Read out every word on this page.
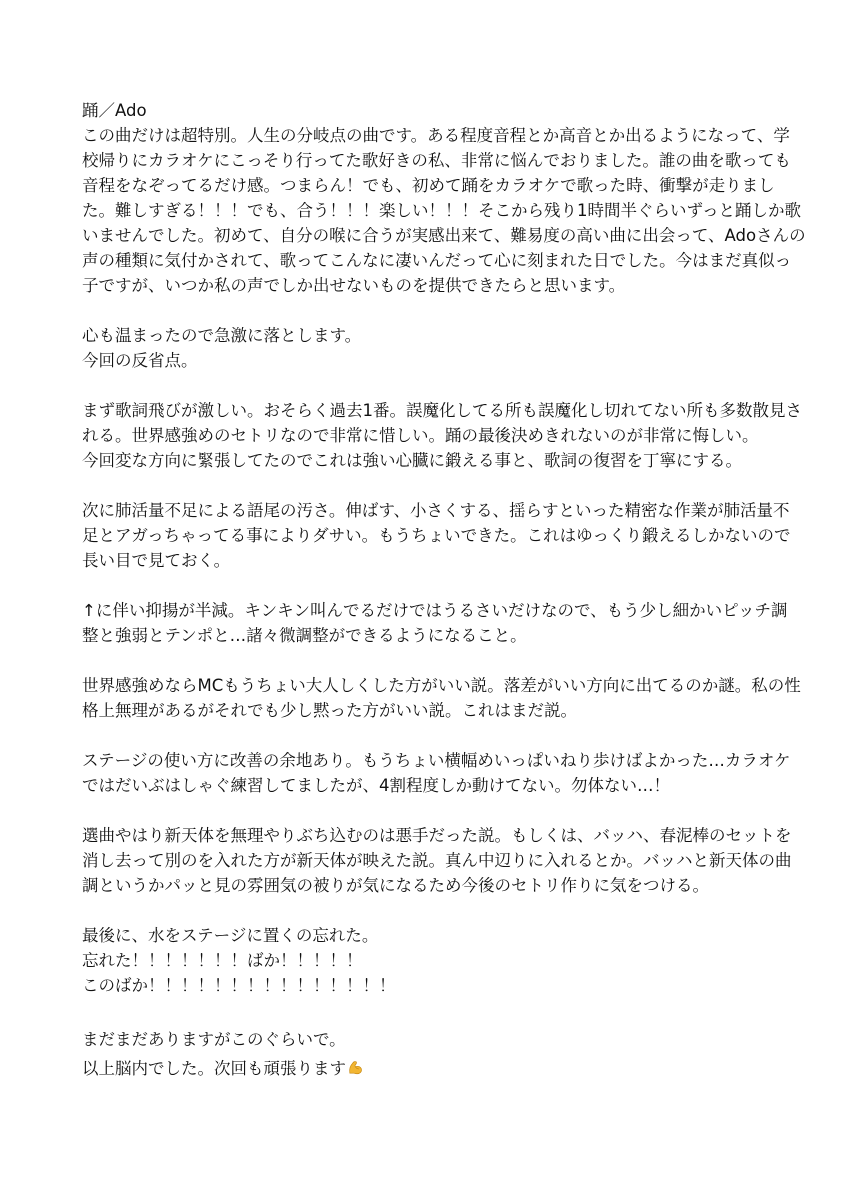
踊／Ado
この曲だけは超特別。人生の分岐点の曲です。ある程度音程とか高音とか出るようになって、学
校帰りにカラオケにこっそり行ってた歌好きの私、非常に悩んでおりました。誰の曲を歌っても
音程をなぞってるだけ感。つまらん！でも、初めて踊をカラオケで歌った時、衝撃が走りまし
た。難しすぎる！！！でも、合う！！！楽しい！！！そこから残り1時間半ぐらいずっと踊しか歌
いませんでした。初めて、自分の喉に合うが実感出来て、難易度の高い曲に出会って、Adoさんの
声の種類に気付かされて、歌ってこんなに凄いんだって心に刻まれた日でした。今はまだ真似っ
子ですが、いつか私の声でしか出せないものを提供できたらと思います。
心も温まったので急激に落とします。
今回の反省点。
まず歌詞飛びが激しい。おそらく過去1番。誤魔化してる所も誤魔化し切れてない所も多数散見さ
れる。世界感強めのセトリなので非常に惜しい。踊の最後決めきれないのが非常に悔しい。
今回変な方向に緊張してたのでこれは強い心臓に鍛える事と、歌詞の復習を丁寧にする。
次に肺活量不足による語尾の汚さ。伸ばす、小さくする、揺らすといった精密な作業が肺活量不
足とアガっちゃってる事によりダサい。もうちょいできた。これはゆっくり鍛えるしかないので
長い目で見ておく。
↑に伴い抑揚が半減。キンキン叫んでるだけではうるさいだけなので、もう少し細かいピッチ調
整と強弱とテンポと…諸々微調整ができるようになること。
世界感強めならMCもうちょい大人しくした方がいい説。落差がいい方向に出てるのか謎。私の性
格上無理があるがそれでも少し黙った方がいい説。これはまだ説。
ステージの使い方に改善の余地あり。もうちょい横幅めいっぱいねり歩けばよかった…カラオケ
ではだいぶはしゃぐ練習してましたが、4割程度しか動けてない。勿体ない…！
選曲やはり新天体を無理やりぶち込むのは悪手だった説。もしくは、バッハ、春泥棒のセットを
消し去って別のを入れた方が新天体が映えた説。真ん中辺りに入れるとか。バッハと新天体の曲
調というかパッと見の雰囲気の被りが気になるため今後のセトリ作りに気をつける。
最後に、水をステージに置くの忘れた。
忘れた！！！！！！！ばか！！！！！
このばか！！！！！！！！！！！！！！！
まだまだありますがこのぐらいで。
以上脳内でした。次回も頑張ります
